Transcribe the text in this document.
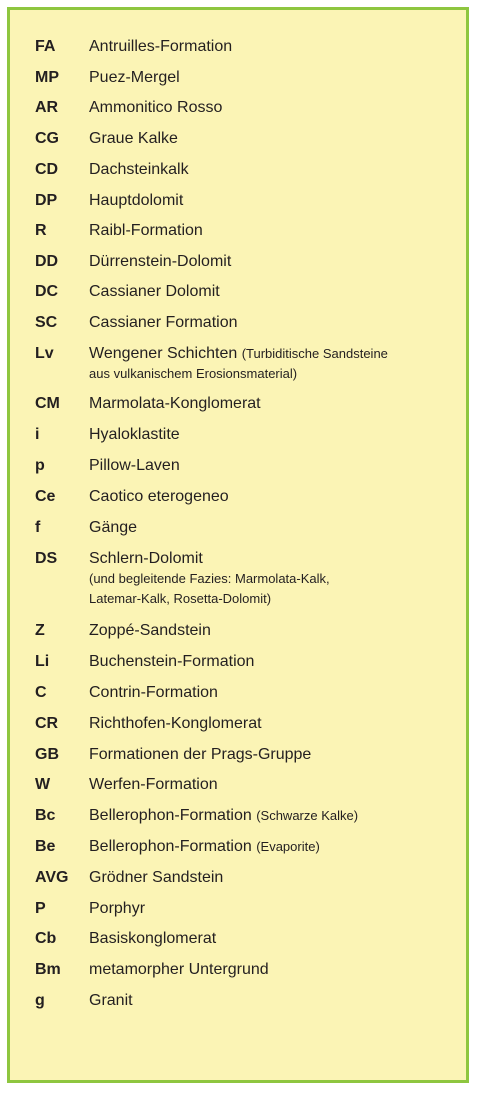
FA Antruilles-Formation
MP Puez-Mergel
AR Ammonitico Rosso
CG Graue Kalke
CD Dachsteinkalk
DP Hauptdolomit
R	Raibl-Formation
DD Dürrenstein-Dolomit
DC Cassianer Dolomit
SC Cassianer Formation
Lv Wengener Schichten (Turbiditische Sandsteine
aus vulkanischem Erosionsmaterial)
CM Marmolata-Konglomerat
i	Hyaloklastite
p	Pillow-Laven
Ce Caotico eterogeneo
f	Gänge
DS Schlern-Dolomit
(und begleitende Fazies: Marmolata-Kalk,
Latemar-Kalk, Rosetta-Dolomit)
Z	Zoppé-Sandstein
Li Buchenstein-Formation
C	Contrin-Formation
CR Richthofen-Konglomerat
GB Formationen der Prags-Gruppe
W Werfen-Formation
Bc Bellerophon-Formation (Schwarze Kalke)
Be Bellerophon-Formation (Evaporite)
AVG Grödner Sandstein
P	Porphyr
Cb Basiskonglomerat
Bm metamorpher Untergrund
g	Granit
